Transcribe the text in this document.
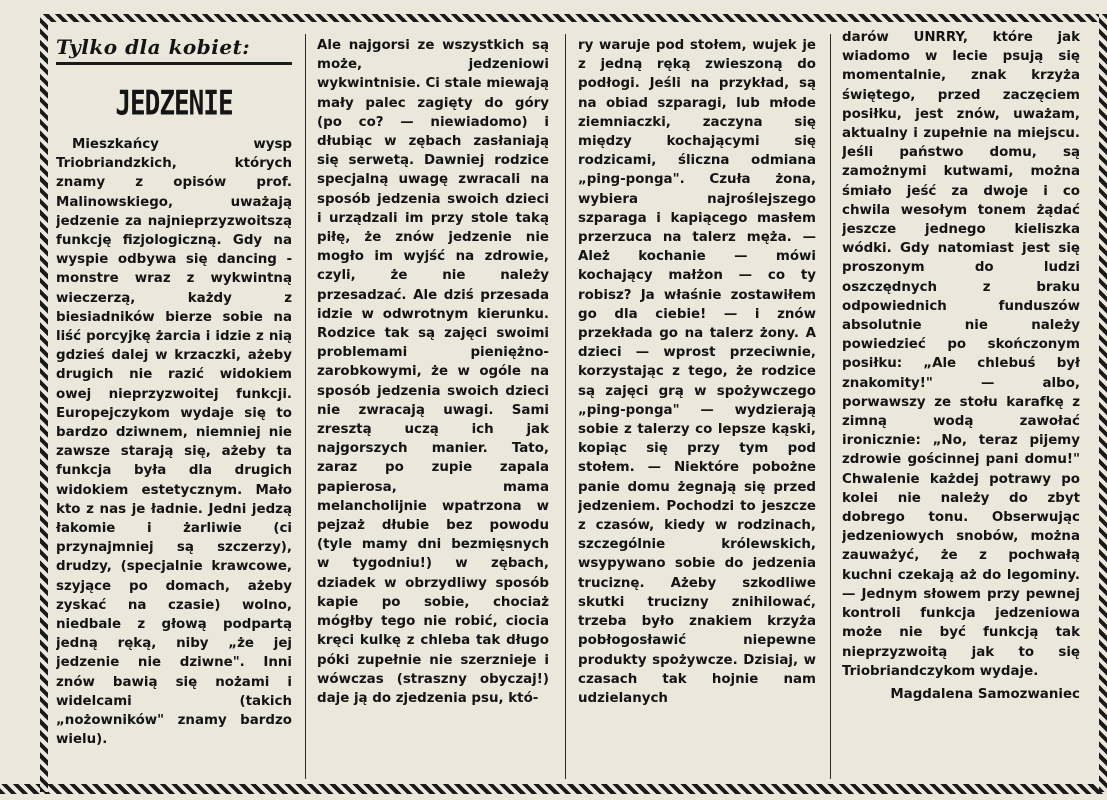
Tylko dla kobiet:
JEDZENIE

Mieszkańcy wysp Triobriandzkich, których znamy z opisów prof. Malinowskiego, uważają jedzenie za najnieprzyzwoitszą funkcję fizjologiczną. Gdy na wyspie odbywa się dancing - monstre wraz z wykwintną wieczerzą, każdy z biesiadników bierze sobie na liść porcyjkę żarcia i idzie z nią gdzieś dalej w krzaczki, ażeby drugich nie razić widokiem owej nieprzyzwoitej funkcji. Europejczykom wydaje się to bardzo dziwnem, niemniej nie zawsze starają się, ażeby ta funkcja była dla drugich widokiem estetycznym. Mało kto z nas je ładnie. Jedni jedzą łakomie i żarliwie (ci przynajmniej są szczerzy), drudzy, (specjalnie krawcowe, szyjące po domach, ażeby zyskać na czasie) wolno, niedbale z głową podpartą jedną ręką, niby „że jej jedzenie nie dziwne". Inni znów bawią się nożami i widelcami (takich „nożowników" znamy bardzo wielu).

Ale najgorsi ze wszystkich są może, jedzeniowi wykwintnisie. Ci stale miewają mały palec zagięty do góry (po co? — niewiadomo) i dłubiąc w zębach zasłaniają się serwetą. Dawniej rodzice specjalną uwagę zwracali na sposób jedzenia swoich dzieci i urządzali im przy stole taką piłę, że znów jedzenie nie mogło im wyjść na zdrowie, czyli, że nie należy przesadzać. Ale dziś przesada idzie w odwrotnym kierunku. Rodzice tak są zajęci swoimi problemami pieniężno-zarobkowymi, że w ogóle na sposób jedzenia swoich dzieci nie zwracają uwagi. Sami zresztą uczą ich jak najgorszych manier. Tato, zaraz po zupie zapala papierosa, mama melancholijnie wpatrzona w pejzaż dłubie bez powodu (tyle mamy dni bezmięsnych w tygodniu!) w zębach, dziadek w obrzydliwy sposób kapie po sobie, chociaż mógłby tego nie robić, ciocia kręci kulkę z chleba tak długo póki zupełnie nie szerznieje i wówczas (straszny obyczaj!) daje ją do zjedzenia psu, któ-

ry waruje pod stołem, wujek je z jedną ręką zwieszoną do podłogi. Jeśli na przykład, są na obiad szparagi, lub młode ziemniaczki, zaczyna się między kochającymi się rodzicami, śliczna odmiana „ping-ponga". Czuła żona, wybiera najroślejszego szparaga i kapiącego masłem przerzuca na talerz męża. — Ależ kochanie — mówi kochający małżon — co ty robisz? Ja właśnie zostawiłem go dla ciebie! — i znów przekłada go na talerz żony. A dzieci — wprost przeciwnie, korzystając z tego, że rodzice są zajęci grą w spożywczego „ping-ponga" — wydzierają sobie z talerzy co lepsze kąski, kopiąc się przy tym pod stołem. — Niektóre pobożne panie domu żegnają się przed jedzeniem. Pochodzi to jeszcze z czasów, kiedy w rodzinach, szczególnie królewskich, wsypywano sobie do jedzenia truciznę. Ażeby szkodliwe skutki trucizny znihilować, trzeba było znakiem krzyża pobłogosławić niepewne produkty spożywcze. Dzisiaj, w czasach tak hojnie nam udzielanych

darów UNRRY, które jak wiadomo w lecie psują się momentalnie, znak krzyża świętego, przed zaczęciem posiłku, jest znów, uważam, aktualny i zupełnie na miejscu. Jeśli państwo domu, są zamożnymi kutwami, można śmiało jeść za dwoje i co chwila wesołym tonem żądać jeszcze jednego kieliszka wódki. Gdy natomiast jest się proszonym do ludzi oszczędnych z braku odpowiednich funduszów absolutnie nie należy powiedzieć po skończonym posiłku: „Ale chlebuś był znakomity!" — albo, porwawszy ze stołu karafkę z zimną wodą zawołać ironicznie: „No, teraz pijemy zdrowie gościnnej pani domu!" Chwalenie każdej potrawy po kolei nie należy do zbyt dobrego tonu. Obserwując jedzeniowych snobów, można zauważyć, że z pochwałą kuchni czekają aż do legominy. — Jednym słowem przy pewnej kontroli funkcja jedzeniowa może nie być funkcją tak nieprzyzwoitą jak to się Triobriandczykom wydaje.

Magdalena Samozwaniec
